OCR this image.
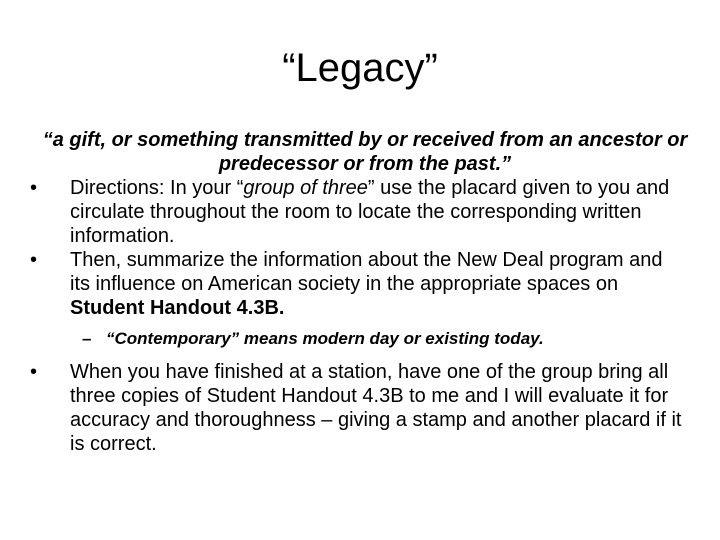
“Legacy”

“a gift, or something transmitted by or received from an ancestor or predecessor or from the past.”

•	Directions: In your “group of three” use the placard given to you and circulate throughout the room to locate the corresponding written information.
•	Then, summarize the information about the New Deal program and its influence on American society in the appropriate spaces on Student Handout 4.3B.
– “Contemporary” means modern day or existing today.
•	When you have finished at a station, have one of the group bring all three copies of Student Handout 4.3B to me and I will evaluate it for accuracy and thoroughness – giving a stamp and another placard if it is correct.
